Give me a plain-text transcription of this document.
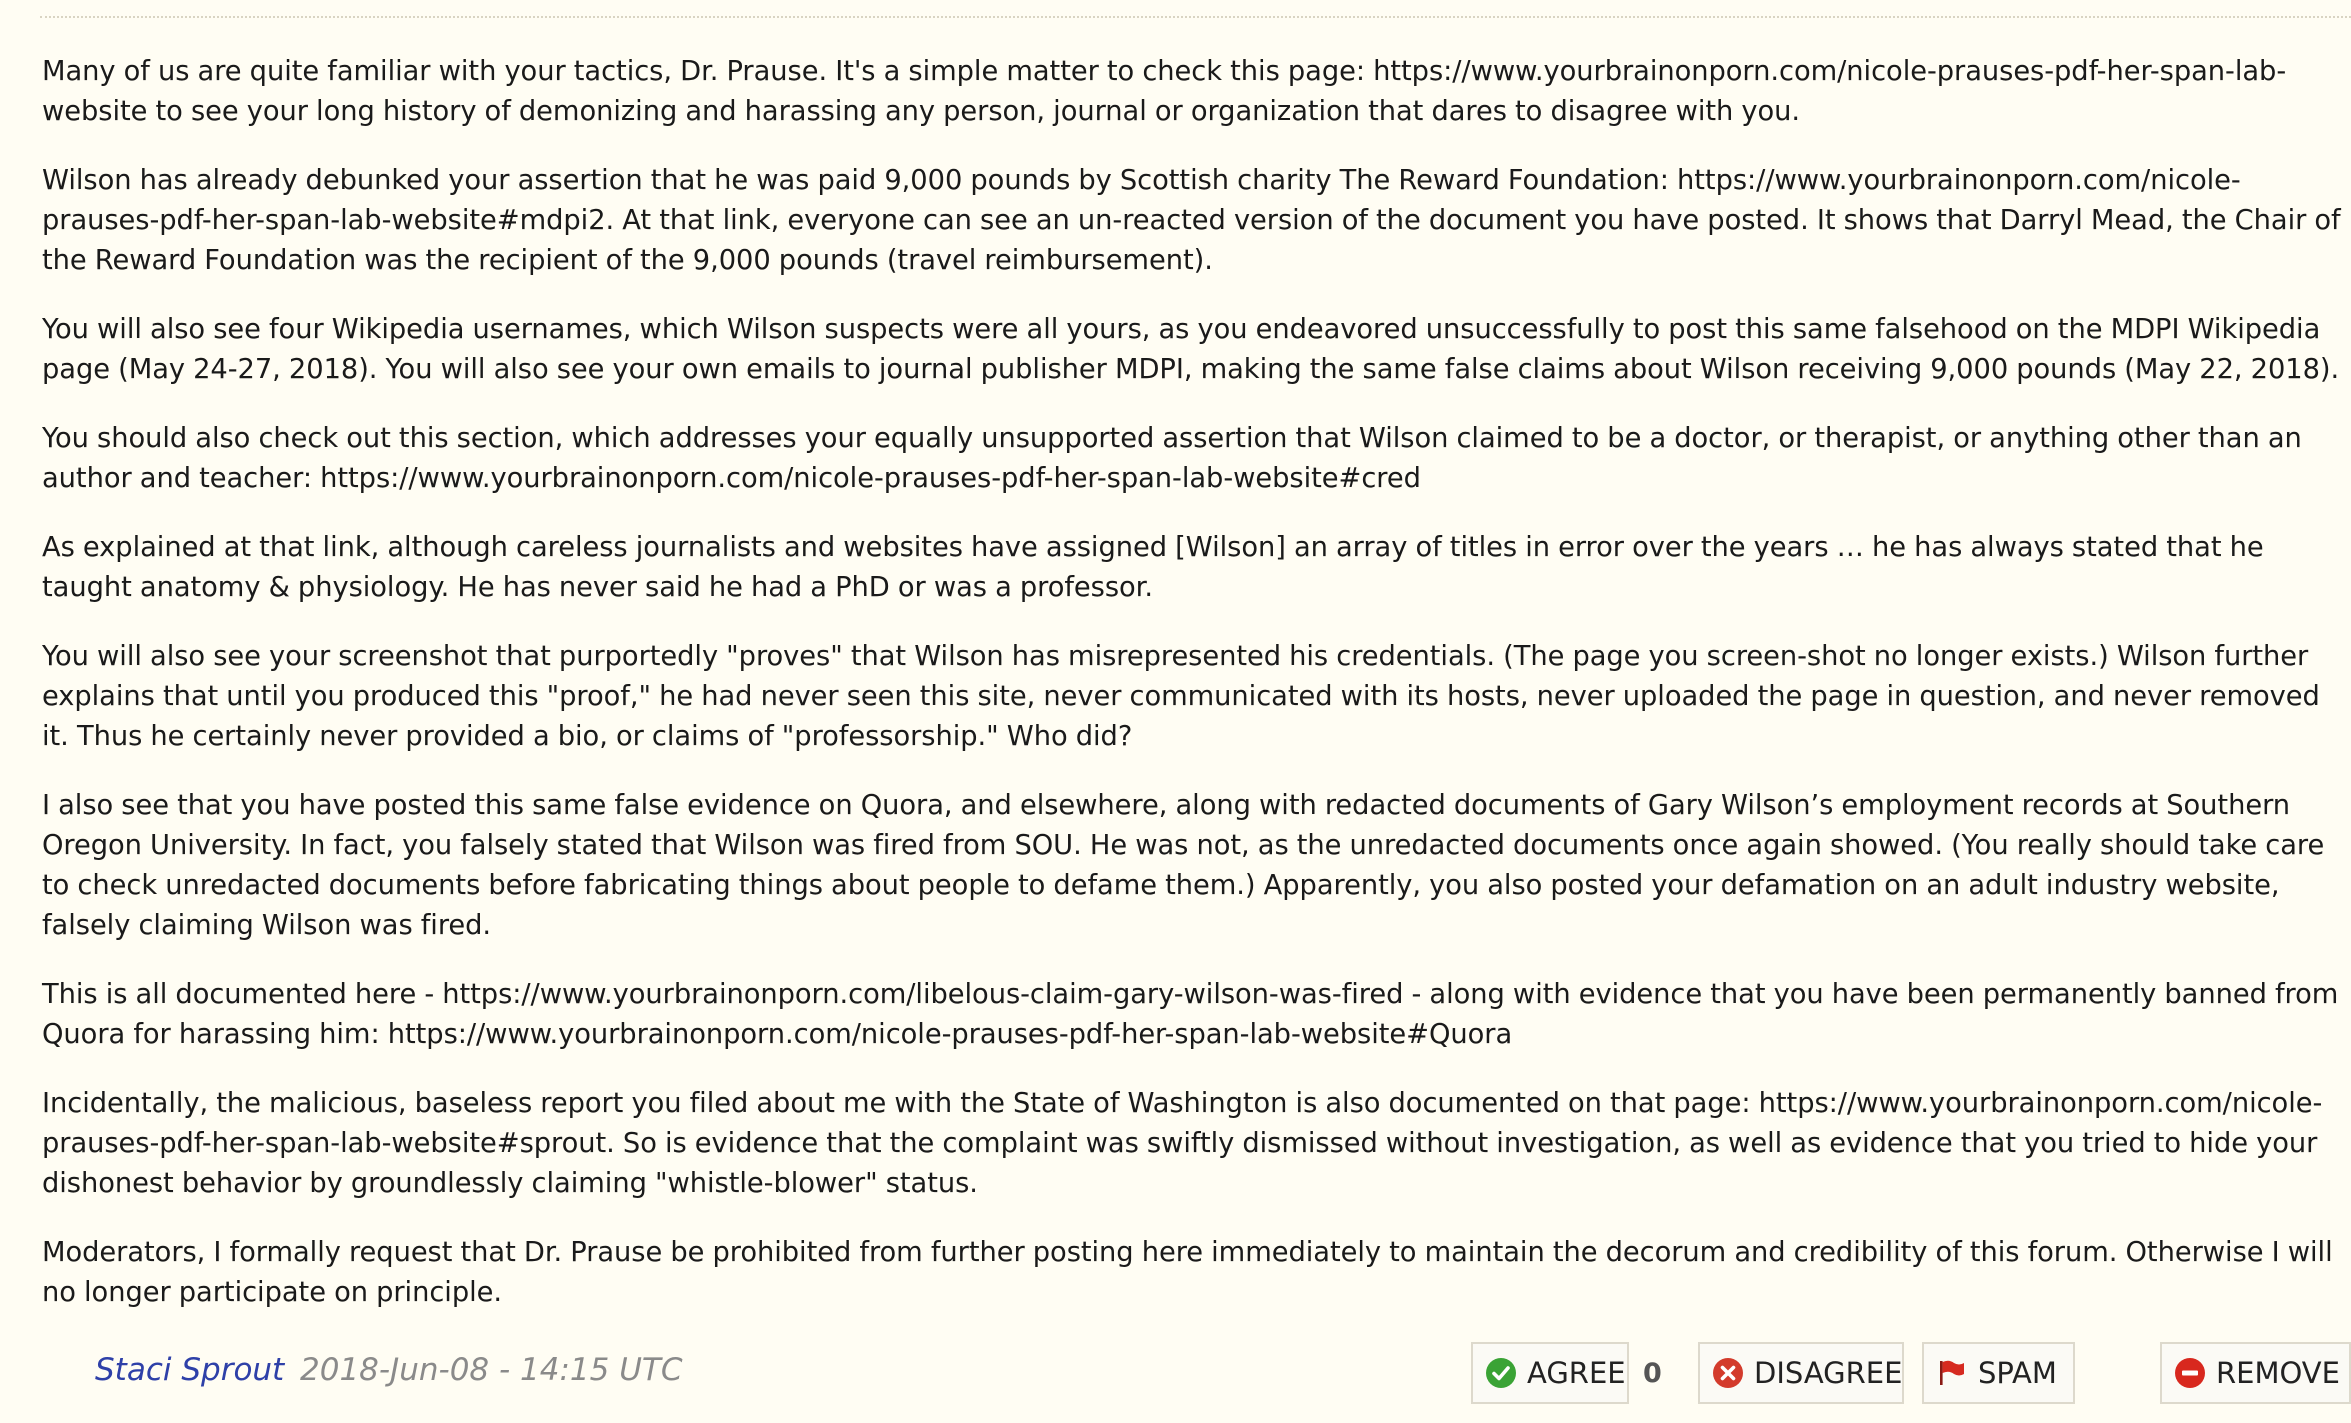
Many of us are quite familiar with your tactics, Dr. Prause. It's a simple matter to check this page: https://www.yourbrainonporn.com/nicole-prauses-pdf-her-span-lab-website to see your long history of demonizing and harassing any person, journal or organization that dares to disagree with you.

Wilson has already debunked your assertion that he was paid 9,000 pounds by Scottish charity The Reward Foundation: https://www.yourbrainonporn.com/nicole-prauses-pdf-her-span-lab-website#mdpi2. At that link, everyone can see an un-reacted version of the document you have posted. It shows that Darryl Mead, the Chair of the Reward Foundation was the recipient of the 9,000 pounds (travel reimbursement).

You will also see four Wikipedia usernames, which Wilson suspects were all yours, as you endeavored unsuccessfully to post this same falsehood on the MDPI Wikipedia page (May 24-27, 2018). You will also see your own emails to journal publisher MDPI, making the same false claims about Wilson receiving 9,000 pounds (May 22, 2018).

You should also check out this section, which addresses your equally unsupported assertion that Wilson claimed to be a doctor, or therapist, or anything other than an author and teacher: https://www.yourbrainonporn.com/nicole-prauses-pdf-her-span-lab-website#cred

As explained at that link, although careless journalists and websites have assigned [Wilson] an array of titles in error over the years … he has always stated that he taught anatomy & physiology. He has never said he had a PhD or was a professor.

You will also see your screenshot that purportedly "proves" that Wilson has misrepresented his credentials. (The page you screen-shot no longer exists.) Wilson further explains that until you produced this "proof," he had never seen this site, never communicated with its hosts, never uploaded the page in question, and never removed it. Thus he certainly never provided a bio, or claims of "professorship." Who did?

I also see that you have posted this same false evidence on Quora, and elsewhere, along with redacted documents of Gary Wilson’s employment records at Southern Oregon University. In fact, you falsely stated that Wilson was fired from SOU. He was not, as the unredacted documents once again showed. (You really should take care to check unredacted documents before fabricating things about people to defame them.) Apparently, you also posted your defamation on an adult industry website, falsely claiming Wilson was fired.

This is all documented here - https://www.yourbrainonporn.com/libelous-claim-gary-wilson-was-fired - along with evidence that you have been permanently banned from Quora for harassing him: https://www.yourbrainonporn.com/nicole-prauses-pdf-her-span-lab-website#Quora

Incidentally, the malicious, baseless report you filed about me with the State of Washington is also documented on that page: https://www.yourbrainonporn.com/nicole-prauses-pdf-her-span-lab-website#sprout. So is evidence that the complaint was swiftly dismissed without investigation, as well as evidence that you tried to hide your dishonest behavior by groundlessly claiming "whistle-blower" status.

Moderators, I formally request that Dr. Prause be prohibited from further posting here immediately to maintain the decorum and credibility of this forum. Otherwise I will no longer participate on principle.

Staci Sprout 2018-Jun-08 - 14:15 UTC	AGREE 0	DISAGREE	SPAM	REMOVE
